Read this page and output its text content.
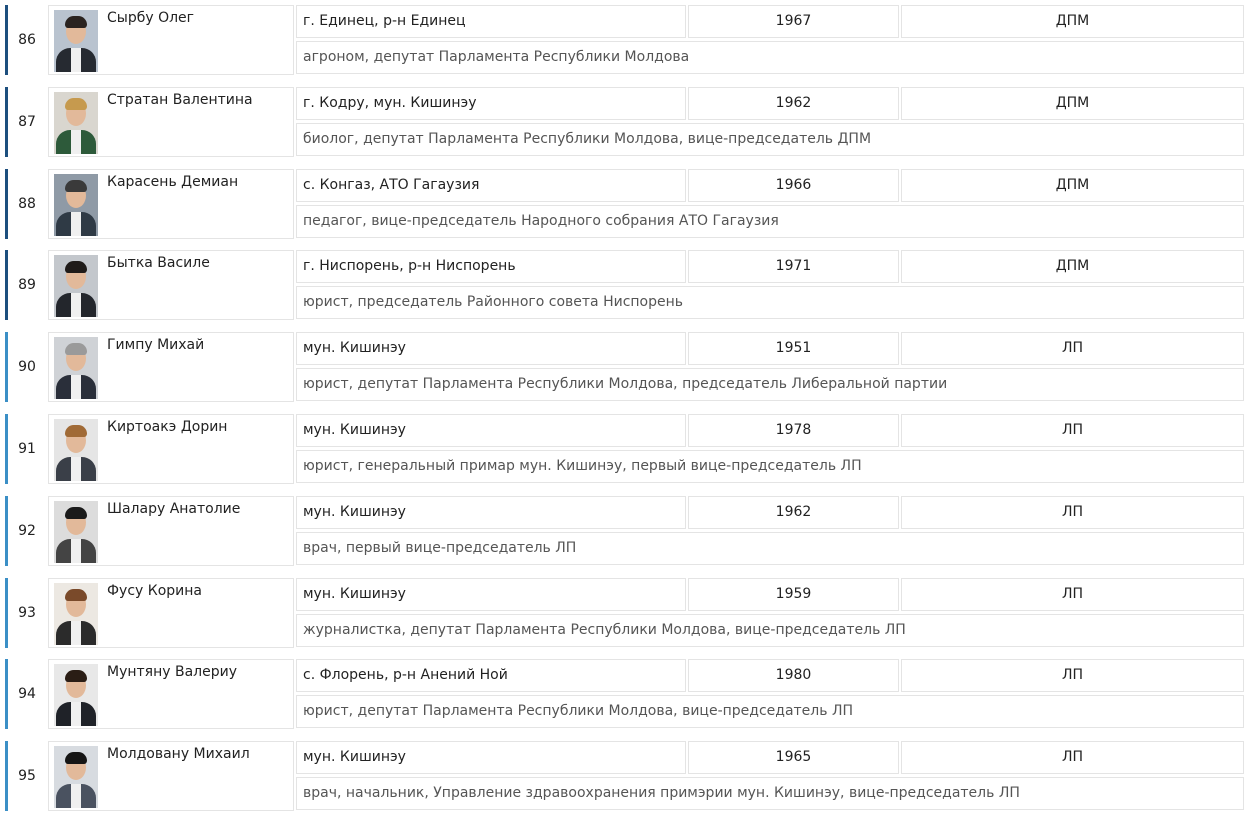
86
Сырбу Олег	г. Единец, р-н Единец	1967	ДПМ
агроном, депутат Парламента Республики Молдова
87
Стратан Валентина	г. Кодру, мун. Кишинэу	1962	ДПМ
биолог, депутат Парламента Республики Молдова, вице-председатель ДПМ
88
Карасень Демиан	с. Конгаз, АТО Гагаузия	1966	ДПМ
педагог, вице-председатель Народного собрания АТО Гагаузия
89
Бытка Василе	г. Ниспорень, р-н Ниспорень	1971	ДПМ
юрист, председатель Районного совета Ниспорень
90
Гимпу Михай	мун. Кишинэу	1951	ЛП
юрист, депутат Парламента Республики Молдова, председатель Либеральной партии
91
Киртоакэ Дорин	мун. Кишинэу	1978	ЛП
юрист, генеральный примар мун. Кишинэу, первый вице-председатель ЛП
92
Шалару Анатолие	мун. Кишинэу	1962	ЛП
врач, первый вице-председатель ЛП
93
Фусу Корина	мун. Кишинэу	1959	ЛП
журналистка, депутат Парламента Республики Молдова, вице-председатель ЛП
94
Мунтяну Валериу	с. Флорень, р-н Анений Ной	1980	ЛП
юрист, депутат Парламента Республики Молдова, вице-председатель ЛП
95
Молдовану Михаил	мун. Кишинэу	1965	ЛП
врач, начальник, Управление здравоохранения примэрии мун. Кишинэу, вице-председатель ЛП
